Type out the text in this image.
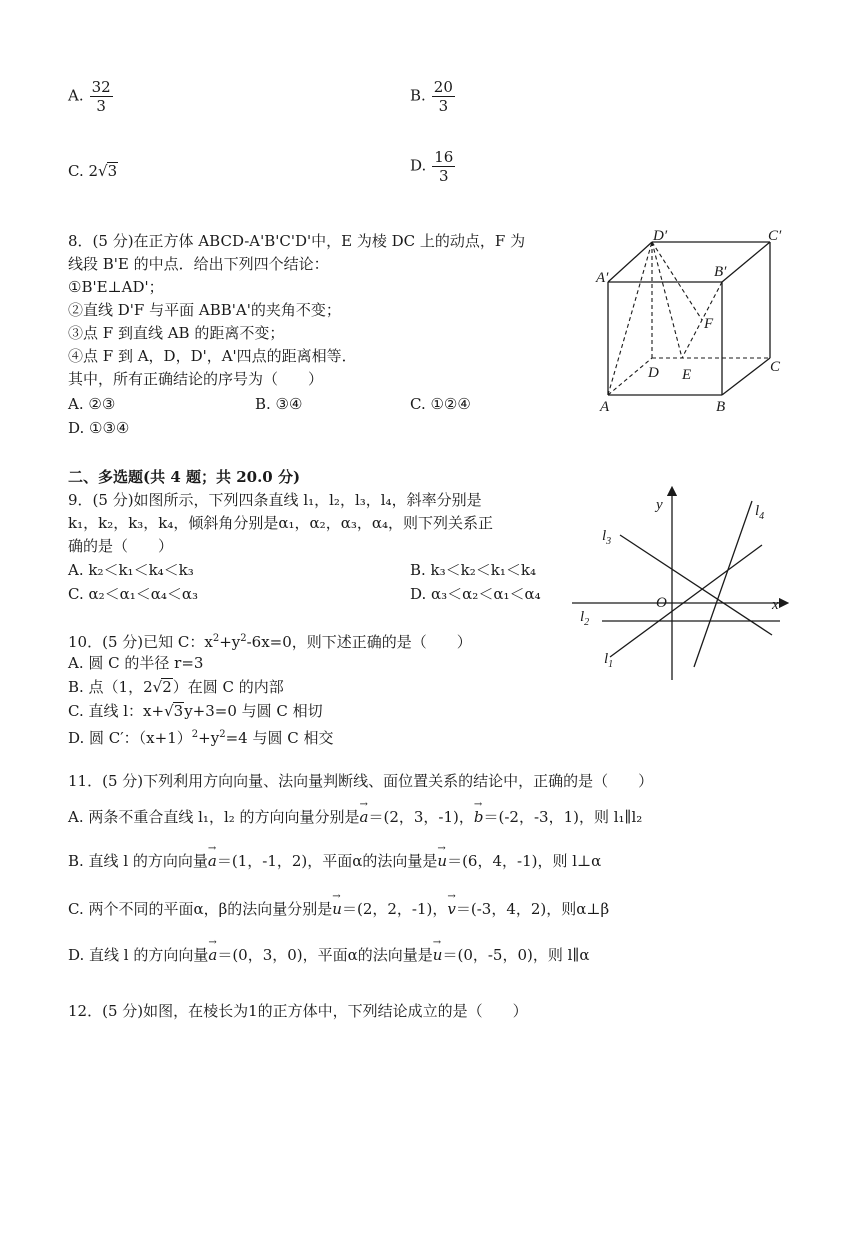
A. $\frac{32}{3}$	B. $\frac{20}{3}$
C. 2√3	D. $\frac{16}{3}$
8．(5 分)在正方体 ABCD-A'B'C'D'中，E 为棱 DC 上的动点，F 为
线段 B'E 的中点．给出下列四个结论：
①B'E⊥AD'；
②直线 D'F 与平面 ABB'A'的夹角不变；
③点 F 到直线 AB 的距离不变；
④点 F 到 A，D，D'，A'四点的距离相等．
其中，所有正确结论的序号为（　　）
A. ②③	B. ③④	C. ①②④
D. ①③④
D′	C′
A′	B′
F
D E	C
A	B
二、多选题(共 4 题；共 20.0 分)
9．(5 分)如图所示，下列四条直线 l₁，l₂，l₃，l₄，斜率分别是
k₁，k₂，k₃，k₄，倾斜角分别是α₁，α₂，α₃，α₄，则下列关系正
确的是（　　）
A. k₂＜k₁＜k₄＜k₃	B. k₃＜k₂＜k₁＜k₄
C. α₂＜α₁＜α₄＜α₃	D. α₃＜α₂＜α₁＜α₄
y
x
O
$l_1$
$l_2$
$l_3$
$l_4$
10．(5 分)已知 C：$x^2+y^2-6x=0$，则下述正确的是（　　）
A. 圆 C 的半径 r=3
B. 点（1，2√2）在圆 C 的内部
C. 直线 l：x+√3y+3=0 与圆 C 相切
D. 圆 C′：$(x+1)^2+y^2=4$ 与圆 C 相交
11．(5 分)下列利用方向向量、法向量判断线、面位置关系的结论中，正确的是（　　）
A. 两条不重合直线 l₁，l₂ 的方向向量分别是→ a＝(2，3，-1)，→ b＝(-2，-3，1)，则 l₁∥l₂
B. 直线 l 的方向向量→ a＝(1，-1，2)，平面α的法向量是→ u＝(6，4，-1)，则 l⊥α
C. 两个不同的平面α，β的法向量分别是→ u＝(2，2，-1)，→ v＝(-3，4，2)，则α⊥β
D. 直线 l 的方向向量→ a＝(0，3，0)，平面α的法向量是→ u＝(0，-5，0)，则 l∥α
12．(5 分)如图，在棱长为1的正方体中，下列结论成立的是（　　）
